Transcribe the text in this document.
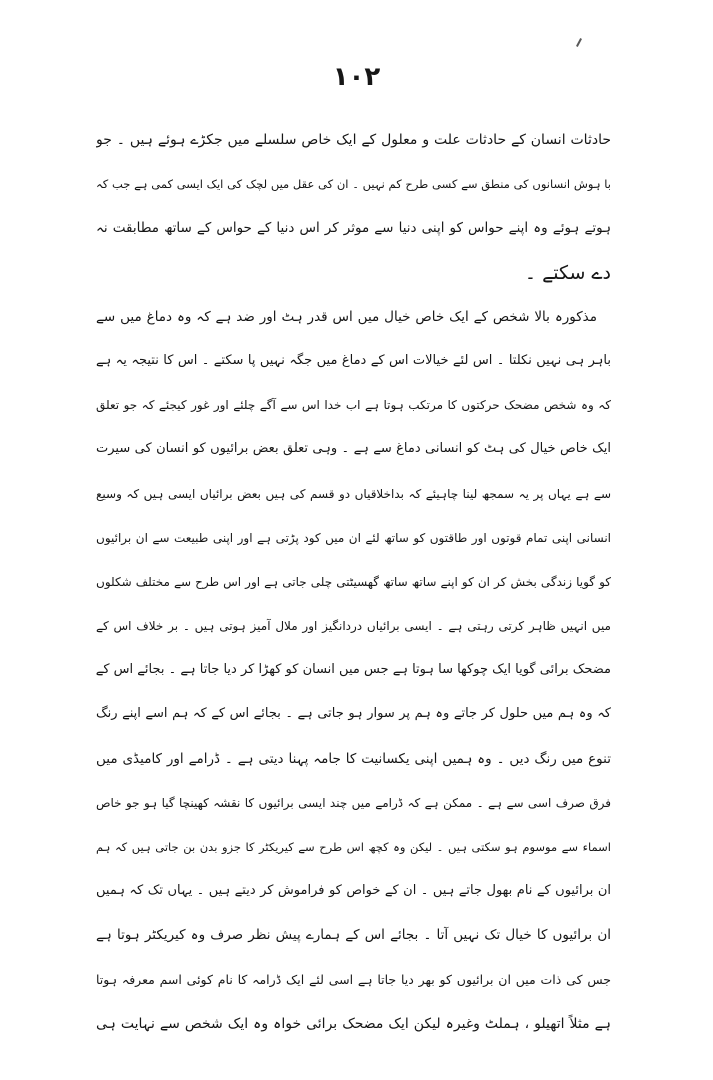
۱۰۲
حادثات انسان کے حادثات علت و معلول کے ایک خاص سلسلے میں جکڑے ہوئے ہیں ۔ جو
با ہوش انسانوں کی منطق سے کسی طرح کم نہیں ۔ ان کی عقل میں لچک کی ایک ایسی کمی ہے جب کہ
ہوتے ہوئے وہ اپنے حواس کو اپنی دنیا سے موثر کر اس دنیا کے حواس کے ساتھ مطابقت نہ
دے سکتے ۔
مذکورہ بالا شخص کے ایک خاص خیال میں اس قدر ہٹ اور ضد ہے کہ وہ دماغ میں سے
باہر ہی نہیں نکلتا ۔ اس لئے خیالات اس کے دماغ میں جگہ نہیں پا سکتے ۔ اس کا نتیجہ یہ ہے
کہ وہ شخص مضحک حرکتوں کا مرتکب ہوتا ہے اب خدا اس سے آگے چلئے اور غور کیجئے کہ جو تعلق
ایک خاص خیال کی ہٹ کو انسانی دماغ سے ہے ۔ وہی تعلق بعض برائیوں کو انسان کی سیرت
سے ہے یہاں پر یہ سمجھ لینا چاہیئے کہ بداخلاقیاں دو قسم کی ہیں بعض برائیاں ایسی ہیں کہ وسیع
انسانی اپنی تمام قوتوں اور طاقتوں کو ساتھ لئے ان میں کود پڑتی ہے اور اپنی طبیعت سے ان برائیوں
کو گویا زندگی بخش کر ان کو اپنے ساتھ ساتھ گھسیٹتی چلی جاتی ہے اور اس طرح سے مختلف شکلوں
میں انہیں ظاہر کرتی رہتی ہے ۔ ایسی برائیاں دردانگیز اور ملال آمیز ہوتی ہیں ۔ بر خلاف اس کے
مضحک برائی گویا ایک چوکھا سا ہوتا ہے جس میں انسان کو کھڑا کر دیا جاتا ہے ۔ بجائے اس کے
کہ وہ ہم میں حلول کر جاتے وہ ہم پر سوار ہو جاتی ہے ۔ بجائے اس کے کہ ہم اسے اپنے رنگ
تنوع میں رنگ دیں ۔ وہ ہمیں اپنی یکسانیت کا جامہ پہنا دیتی ہے ۔ ڈرامے اور کامیڈی میں
فرق صرف اسی سے ہے ۔ ممکن ہے کہ ڈرامے میں چند ایسی برائیوں کا نقشہ کھینچا گیا ہو جو خاص
اسماء سے موسوم ہو سکتی ہیں ۔ لیکن وہ کچھ اس طرح سے کیریکٹر کا جزو بدن بن جاتی ہیں کہ ہم
ان برائیوں کے نام بھول جاتے ہیں ۔ ان کے خواص کو فراموش کر دیتے ہیں ۔ یہاں تک کہ ہمیں
ان برائیوں کا خیال تک نہیں آتا ۔ بجائے اس کے ہمارے پیش نظر صرف وہ کیریکٹر ہوتا ہے
جس کی ذات میں ان برائیوں کو بھر دیا جاتا ہے اسی لئے ایک ڈرامہ کا نام کوئی اسم معرفہ ہوتا
ہے مثلاً اتھیلو ، ہملٹ وغیرہ لیکن ایک مضحک برائی خواہ وہ ایک شخص سے نہایت ہی
